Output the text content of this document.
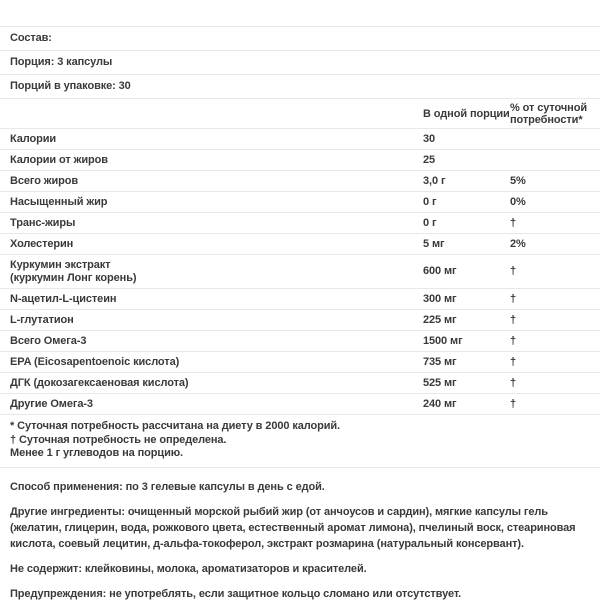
Состав:
Порция: 3 капсулы
Порций в упаковке: 30
В одной порции % от суточной потребности*
Калории	30
Калории от жиров	25
Всего жиров	3,0 г	5%
Насыщенный жир	0 г	0%
Транс-жиры	0 г	†
Холестерин	5 мг	2%
Куркумин экстракт
(куркумин Лонг корень)
600 мг	†
N-ацетил-L-цистеин	300 мг	†
L-глутатион	225 мг	†
Всего Омега-3	1500 мг	†
EPA (Eicosapentoenoic кислота)	735 мг	†
ДГК (докозагексаеновая кислота)	525 мг	†
Другие Омега-3	240 мг	†
* Суточная потребность рассчитана на диету в 2000 калорий.
† Суточная потребность не определена.
Менее 1 г углеводов на порцию.

Способ применения: по 3 гелевые капсулы в день с едой.

Другие ингредиенты: очищенный морской рыбий жир (от анчоусов и сардин), мягкие капсулы гель (желатин, глицерин, вода, рожкового цвета, естественный аромат лимона), пчелиный воск, стеариновая кислота, соевый лецитин, д-альфа-токоферол, экстракт розмарина (натуральный консервант).

Не содержит: клейковины, молока, ароматизаторов и красителей.

Предупреждения: не употреблять, если защитное кольцо сломано или отсутствует.
